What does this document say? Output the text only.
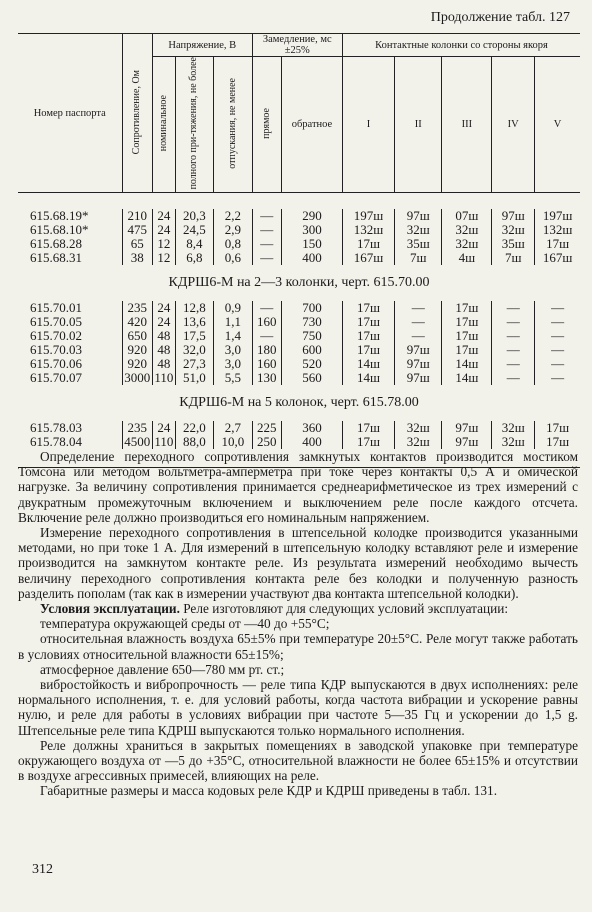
Продолжение табл. 127
Номер паспорта	Сопротивление, Ом	Напряжение, В			Замедление, мс ±25%		Контактные колонки со стороны якоря				
		номинальное	полного при-тяжения, не более	отпускания, не менее	прямое	обратное	I	II	III	IV	V

615.68.19*	210	24	20,3	2,2	—	290	197ш	97ш	07ш	97ш	197ш
615.68.10*	475	24	24,5	2,9	—	300	132ш	32ш	32ш	32ш	132ш
615.68.28	65	12	8,4	0,8	—	150	17ш	35ш	32ш	35ш	17ш
615.68.31	38	12	6,8	0,6	—	400	167ш	7ш	4ш	7ш	167ш
КДРШ6-М на 2—3 колонки, черт. 615.70.00											
615.70.01	235	24	12,8	0,9	—	700	17ш	—	17ш	—	—
615.70.05	420	24	13,6	1,1	160	730	17ш	—	17ш	—	—
615.70.02	650	48	17,5	1,4	—	750	17ш	—	17ш	—	—
615.70.03	920	48	32,0	3,0	180	600	17ш	97ш	17ш	—	—
615.70.06	920	48	27,3	3,0	160	520	14ш	97ш	14ш	—	—
615.70.07	3000	110	51,0	5,5	130	560	14ш	97ш	14ш	—	—
КДРШ6-М на 5 колонок, черт. 615.78.00											
615.78.03	235	24	22,0	2,7	225	360	17ш	32ш	97ш	32ш	17ш
615.78.04	4500	110	88,0	10,0	250	400	17ш	32ш	97ш	32ш	17ш

Определение переходного сопротивления замкнутых контактов производится мостиком Томсона или методом вольтметра-амперметра при токе через контакты 0,5 А и омической нагрузке. За величину сопротивления принимается среднеарифметическое из трех измерений с двукратным промежуточным включением и выключением реле после каждого отсчета. Включение реле должно производиться его номинальным напряжением.

Измерение переходного сопротивления в штепсельной колодке производится указанными методами, но при токе 1 А. Для измерений в штепсельную колодку вставляют реле и измерение производится на замкнутом контакте реле. Из результата измерений необходимо вычесть величину переходного сопротивления контакта реле без колодки и полученную разность разделить пополам (так как в измерении участвуют два контакта штепсельной колодки).

Условия эксплуатации. Реле изготовляют для следующих условий эксплуатации:

температура окружающей среды от —40 до +55°С;

относительная влажность воздуха 65±5% при температуре 20±5°С. Реле могут также работать в условиях относительной влажности 65±15%;

атмосферное давление 650—780 мм рт. ст.;

вибростойкость и вибропрочность — реле типа КДР выпускаются в двух исполнениях: реле нормального исполнения, т. е. для условий работы, когда частота вибрации и ускорение равны нулю, и реле для работы в условиях вибрации при частоте 5—35 Гц и ускорении до 1,5 g. Штепсельные реле типа КДРШ выпускаются только нормального исполнения.

Реле должны храниться в закрытых помещениях в заводской упаковке при температуре окружающего воздуха от —5 до +35°С, относительной влажности не более 65±15% и отсутствии в воздухе агрессивных примесей, влияющих на реле.

Габаритные размеры и масса кодовых реле КДР и КДРШ приведены в табл. 131.

312
